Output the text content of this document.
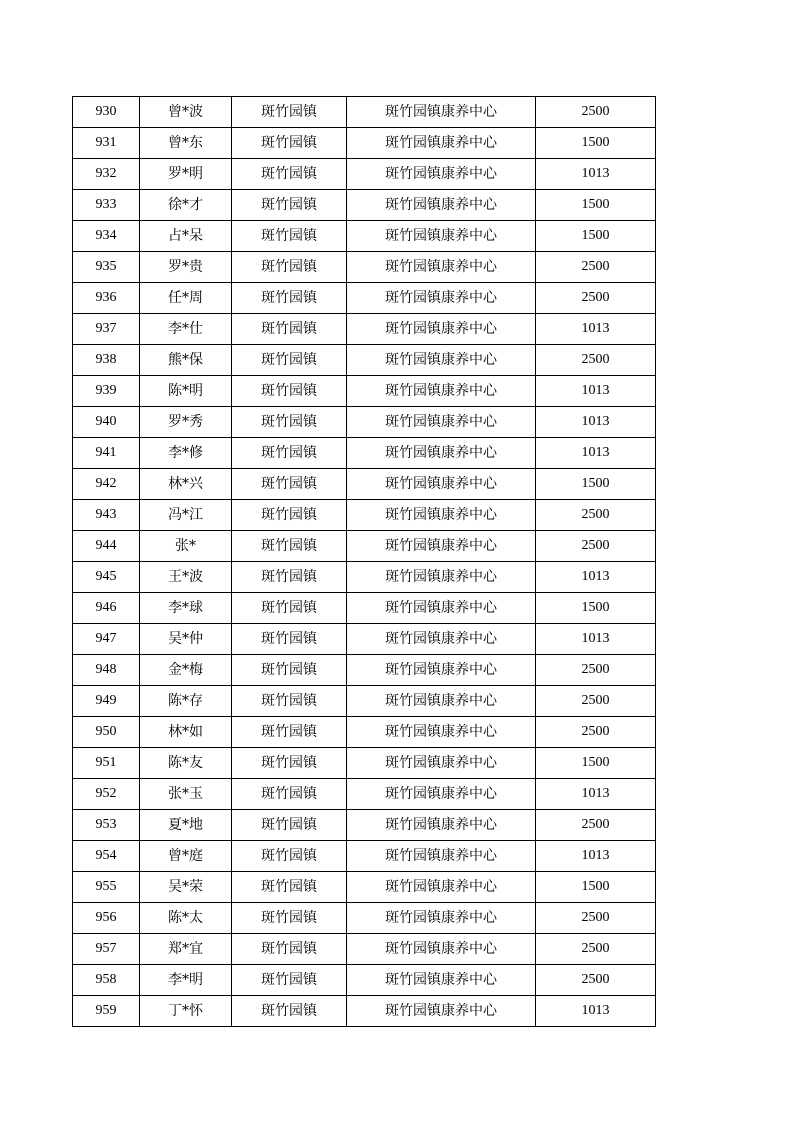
930	曾*波	斑竹园镇	斑竹园镇康养中心	2500
931	曾*东	斑竹园镇	斑竹园镇康养中心	1500
932	罗*明	斑竹园镇	斑竹园镇康养中心	1013
933	徐*才	斑竹园镇	斑竹园镇康养中心	1500
934	占*呆	斑竹园镇	斑竹园镇康养中心	1500
935	罗*贵	斑竹园镇	斑竹园镇康养中心	2500
936	任*周	斑竹园镇	斑竹园镇康养中心	2500
937	李*仕	斑竹园镇	斑竹园镇康养中心	1013
938	熊*保	斑竹园镇	斑竹园镇康养中心	2500
939	陈*明	斑竹园镇	斑竹园镇康养中心	1013
940	罗*秀	斑竹园镇	斑竹园镇康养中心	1013
941	李*修	斑竹园镇	斑竹园镇康养中心	1013
942	林*兴	斑竹园镇	斑竹园镇康养中心	1500
943	冯*江	斑竹园镇	斑竹园镇康养中心	2500
944	张*	斑竹园镇	斑竹园镇康养中心	2500
945	王*波	斑竹园镇	斑竹园镇康养中心	1013
946	李*球	斑竹园镇	斑竹园镇康养中心	1500
947	吴*仲	斑竹园镇	斑竹园镇康养中心	1013
948	金*梅	斑竹园镇	斑竹园镇康养中心	2500
949	陈*存	斑竹园镇	斑竹园镇康养中心	2500
950	林*如	斑竹园镇	斑竹园镇康养中心	2500
951	陈*友	斑竹园镇	斑竹园镇康养中心	1500
952	张*玉	斑竹园镇	斑竹园镇康养中心	1013
953	夏*地	斑竹园镇	斑竹园镇康养中心	2500
954	曾*庭	斑竹园镇	斑竹园镇康养中心	1013
955	吴*荣	斑竹园镇	斑竹园镇康养中心	1500
956	陈*太	斑竹园镇	斑竹园镇康养中心	2500
957	郑*宜	斑竹园镇	斑竹园镇康养中心	2500
958	李*明	斑竹园镇	斑竹园镇康养中心	2500
959	丁*怀	斑竹园镇	斑竹园镇康养中心	1013
